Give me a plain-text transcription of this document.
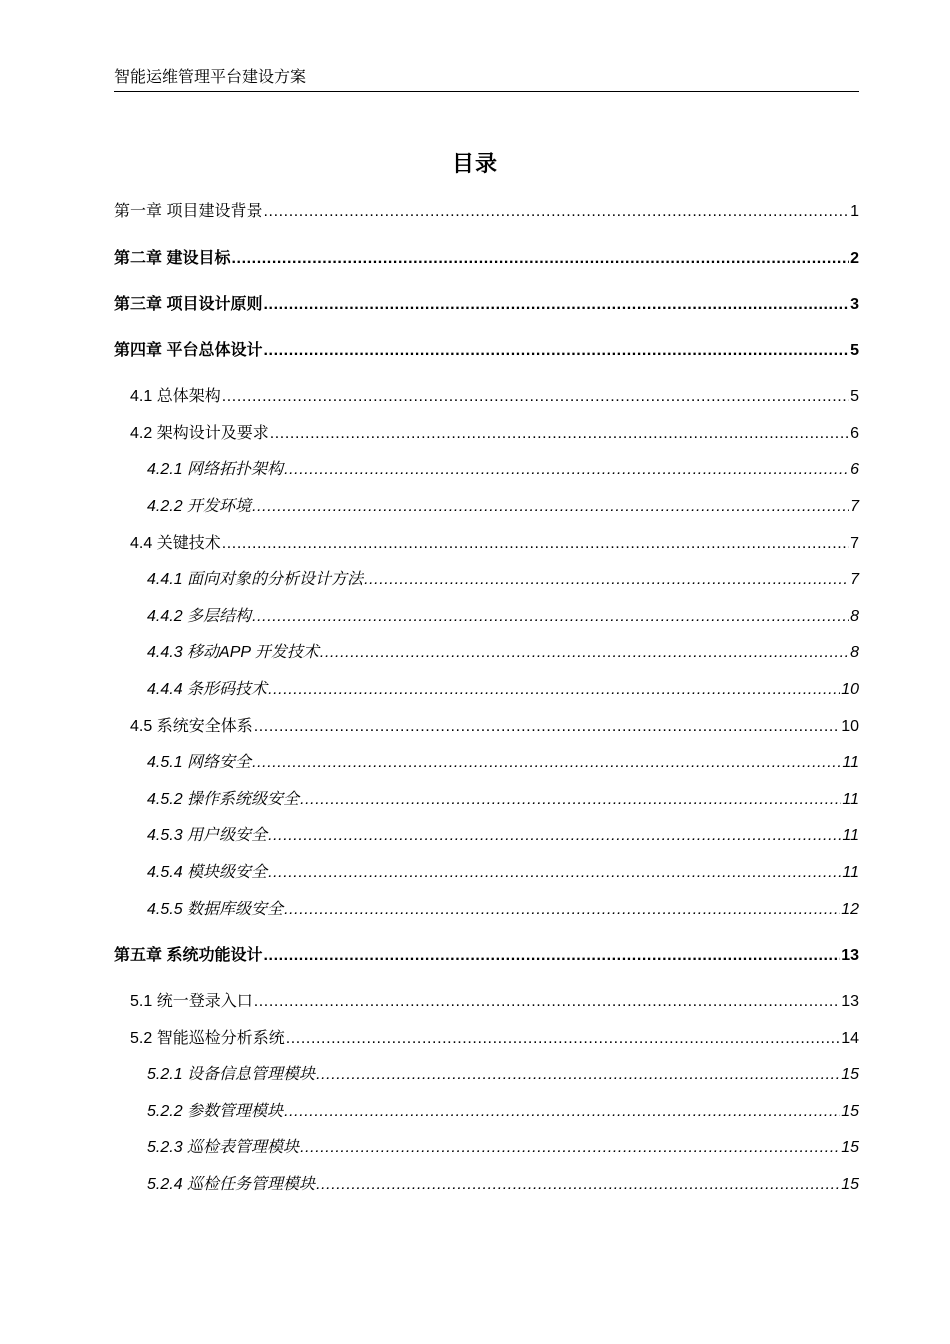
智能运维管理平台建设方案
目录
第一章 项目建设背景 .....	1
第二章 建设目标 .....	2
第三章 项目设计原则 .....	3
第四章 平台总体设计 .....	5
4.1 总体架构 .....	5
4.2 架构设计及要求 .....	6
4.2.1 网络拓扑架构 .....	6
4.2.2 开发环境 .....	7
4.4 关键技术 .....	7
4.4.1 面向对象的分析设计方法 .....	7
4.4.2 多层结构 .....	8
4.4.3 移动APP 开发技术 .....	8
4.4.4 条形码技术 .....	10
4.5 系统安全体系 .....	10
4.5.1 网络安全 .....	11
4.5.2 操作系统级安全 .....	11
4.5.3 用户级安全 .....	11
4.5.4 模块级安全 .....	11
4.5.5 数据库级安全 .....	12
第五章 系统功能设计 .....	13
5.1 统一登录入口 .....	13
5.2 智能巡检分析系统 .....	14
5.2.1 设备信息管理模块 .....	15
5.2.2 参数管理模块 .....	15
5.2.3 巡检表管理模块 .....	15
5.2.4 巡检任务管理模块 .....	15
